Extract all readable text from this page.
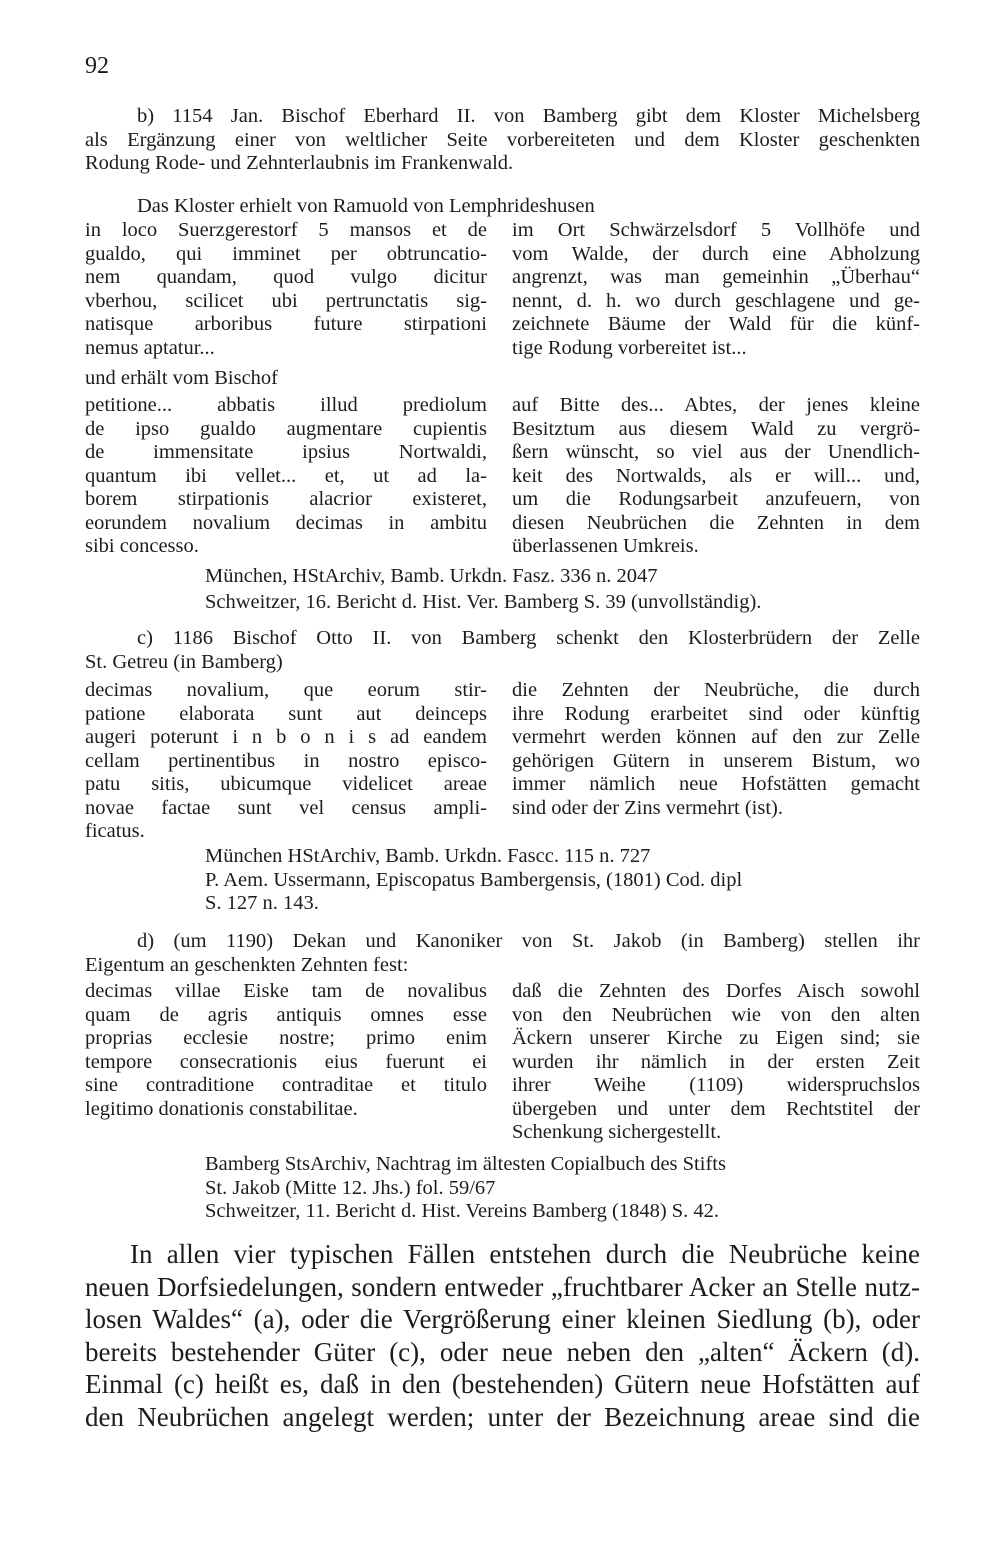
92
b) 1154 Jan. Bischof Eberhard II. von Bamberg gibt dem Kloster Michelsberg
als Ergänzung einer von weltlicher Seite vorbereiteten und dem Kloster geschenkten
Rodung Rode- und Zehnterlaubnis im Frankenwald.
Das Kloster erhielt von Ramuold von Lemphrideshusen
in loco Suerzgerestorf 5 mansos et de
gualdo, qui imminet per obtruncatio-
nem quandam, quod vulgo dicitur
vberhou, scilicet ubi pertrunctatis sig-
natisque arboribus future stirpationi
nemus aptatur...
im Ort Schwärzelsdorf 5 Vollhöfe und
vom Walde, der durch eine Abholzung
angrenzt, was man gemeinhin „Überhau“
nennt, d. h. wo durch geschlagene und ge-
zeichnete Bäume der Wald für die künf-
tige Rodung vorbereitet ist...
und erhält vom Bischof
petitione... abbatis illud prediolum
de ipso gualdo augmentare cupientis
de immensitate ipsius Nortwaldi,
quantum ibi vellet... et, ut ad la-
borem stirpationis alacrior existeret,
eorundem novalium decimas in ambitu
sibi concesso.
auf Bitte des... Abtes, der jenes kleine
Besitztum aus diesem Wald zu vergrö-
ßern wünscht, so viel aus der Unendlich-
keit des Nortwalds, als er will... und,
um die Rodungsarbeit anzufeuern, von
diesen Neubrüchen die Zehnten in dem
überlassenen Umkreis.
München, HStArchiv, Bamb. Urkdn. Fasz. 336 n. 2047
Schweitzer, 16. Bericht d. Hist. Ver. Bamberg S. 39 (unvollständig).
c) 1186 Bischof Otto II. von Bamberg schenkt den Klosterbrüdern der Zelle
St. Getreu (in Bamberg)
decimas novalium, que eorum stir-
patione elaborata sunt aut deinceps
augeri poterunt i n b o n i s ad eandem
cellam pertinentibus in nostro episco-
patu sitis, ubicumque videlicet areae
novae factae sunt vel census ampli-
ficatus.
die Zehnten der Neubrüche, die durch
ihre Rodung erarbeitet sind oder künftig
vermehrt werden können auf den zur Zelle
gehörigen Gütern in unserem Bistum, wo
immer nämlich neue Hofstätten gemacht
sind oder der Zins vermehrt (ist).
München HStArchiv, Bamb. Urkdn. Fascc. 115 n. 727
P. Aem. Ussermann, Episcopatus Bambergensis, (1801) Cod. dipl
S. 127 n. 143.
d) (um 1190) Dekan und Kanoniker von St. Jakob (in Bamberg) stellen ihr
Eigentum an geschenkten Zehnten fest:
decimas villae Eiske tam de novalibus
quam de agris antiquis omnes esse
proprias ecclesie nostre; primo enim
tempore consecrationis eius fuerunt ei
sine contraditione contraditae et titulo
legitimo donationis constabilitae.
daß die Zehnten des Dorfes Aisch sowohl
von den Neubrüchen wie von den alten
Äckern unserer Kirche zu Eigen sind; sie
wurden ihr nämlich in der ersten Zeit
ihrer Weihe (1109) widerspruchslos
übergeben und unter dem Rechtstitel der
Schenkung sichergestellt.
Bamberg StsArchiv, Nachtrag im ältesten Copialbuch des Stifts
St. Jakob (Mitte 12. Jhs.) fol. 59/67
Schweitzer, 11. Bericht d. Hist. Vereins Bamberg (1848) S. 42.
In allen vier typischen Fällen entstehen durch die Neubrüche keine
neuen Dorfsiedelungen, sondern entweder „fruchtbarer Acker an Stelle nutz-
losen Waldes“ (a), oder die Vergrößerung einer kleinen Siedlung (b), oder
bereits bestehender Güter (c), oder neue neben den „alten“ Äckern (d).
Einmal (c) heißt es, daß in den (bestehenden) Gütern neue Hofstätten auf
den Neubrüchen angelegt werden; unter der Bezeichnung areae sind die
